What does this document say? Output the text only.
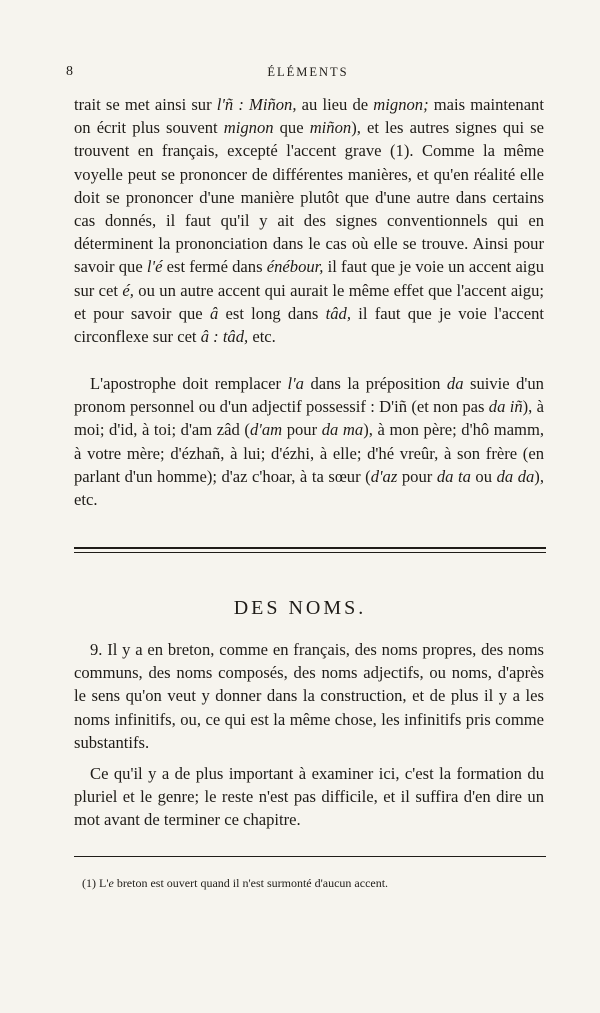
8	ÉLÉMENTS

trait se met ainsi sur l'ñ : Miñon, au lieu de mignon; mais maintenant on écrit plus souvent mignon que miñon), et les autres signes qui se trouvent en français, excepté l'accent grave (1). Comme la même voyelle peut se prononcer de différentes manières, et qu'en réalité elle doit se prononcer d'une manière plutôt que d'une autre dans certains cas donnés, il faut qu'il y ait des signes conventionnels qui en déterminent la prononciation dans le cas où elle se trouve. Ainsi pour savoir que l'é est fermé dans énébour, il faut que je voie un accent aigu sur cet é, ou un autre accent qui aurait le même effet que l'accent aigu; et pour savoir que â est long dans tâd, il faut que je voie l'accent circonflexe sur cet â : tâd, etc.

L'apostrophe doit remplacer l'a dans la préposition da suivie d'un pronom personnel ou d'un adjectif possessif : D'iñ (et non pas da iñ), à moi; d'id, à toi; d'am zâd (d'am pour da ma), à mon père; d'hô mamm, à votre mère; d'ézhañ, à lui; d'ézhi, à elle; d'hé vreûr, à son frère (en parlant d'un homme); d'az c'hoar, à ta sœur (d'az pour da ta ou da da), etc.

DES NOMS.

9. Il y a en breton, comme en français, des noms propres, des noms communs, des noms composés, des noms adjectifs, ou noms, d'après le sens qu'on veut y donner dans la construction, et de plus il y a les noms infinitifs, ou, ce qui est la même chose, les infinitifs pris comme substantifs.

Ce qu'il y a de plus important à examiner ici, c'est la formation du pluriel et le genre; le reste n'est pas difficile, et il suffira d'en dire un mot avant de terminer ce chapitre.

(1) L'e breton est ouvert quand il n'est surmonté d'aucun accent.
